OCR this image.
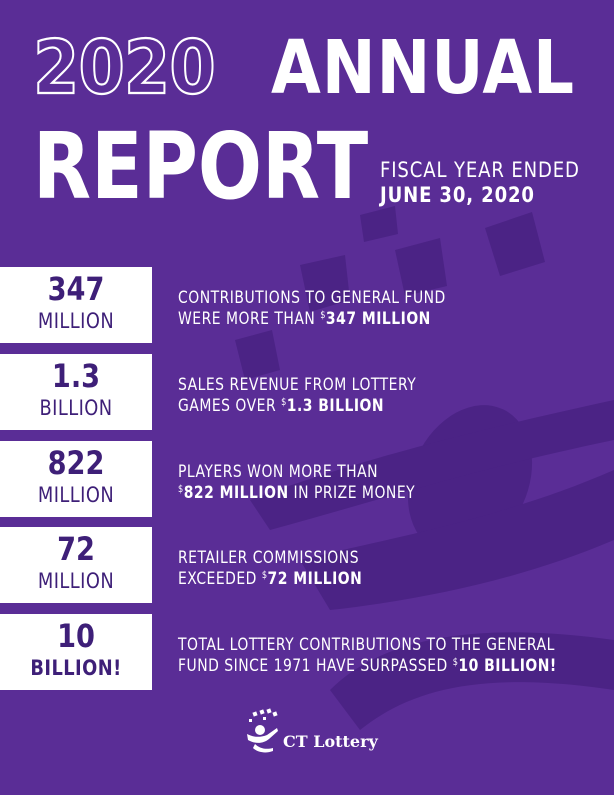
2020 ANNUAL
REPORT FISCAL YEAR ENDED
JUNE 30, 2020
347
MILLION
CONTRIBUTIONS TO GENERAL FUND
WERE MORE THAN $347 MILLION
1.3
BILLION
SALES REVENUE FROM LOTTERY
GAMES OVER $1.3 BILLION
822
MILLION
PLAYERS WON MORE THAN
$822 MILLION IN PRIZE MONEY
72
MILLION
RETAILER COMMISSIONS
EXCEEDED $72 MILLION
10
BILLION!
TOTAL LOTTERY CONTRIBUTIONS TO THE GENERAL
FUND SINCE 1971 HAVE SURPASSED $10 BILLION!
CT Lottery
